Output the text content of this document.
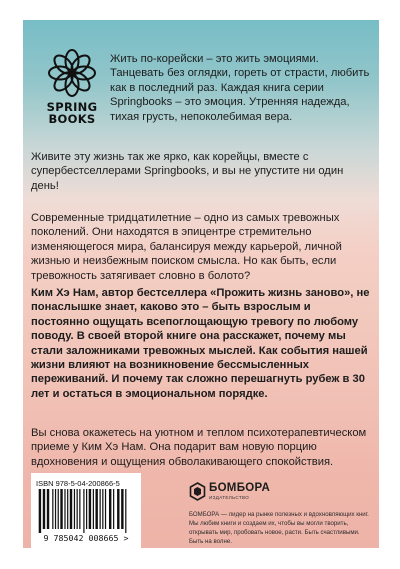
SPRING
BOOKS

Жить по-корейски – это жить эмоциями. Танцевать без оглядки, гореть от страсти, любить как в последний раз. Каждая книга серии Springbooks – это эмоция. Утренняя надежда, тихая грусть, непоколебимая вера.

Живите эту жизнь так же ярко, как корейцы, вместе с супербестселлерами Springbooks, и вы не упустите ни один день!

Современные тридцатилетние – одно из самых тревожных поколений. Они находятся в эпицентре стремительно изменяющегося мира, балансируя между карьерой, личной жизнью и неизбежным поиском смысла. Но как быть, если тревожность затягивает словно в болото?

Ким Хэ Нам, автор бестселлера «Прожить жизнь заново», не понаслышке знает, каково это – быть взрослым и постоянно ощущать всепоглощающую тревогу по любому поводу. В своей второй книге она расскажет, почему мы стали заложниками тревожных мыслей. Как события нашей жизни влияют на возникновение бессмысленных переживаний. И почему так сложно перешагнуть рубеж в 30 лет и остаться в эмоциональном порядке.

Вы снова окажетесь на уютном и теплом психотерапевтическом приеме у Ким Хэ Нам. Она подарит вам новую порцию вдохновения и ощущения обволакивающего спокойствия.

ISBN 978-5-04-200866-5
9 785042 008665 >
БОМБОРА
ИЗДАТЕЛЬСТВО

БОМБОРА — лидер на рынке полезных и вдохновляющих книг. Мы любим книги и создаем их, чтобы вы могли творить, открывать мир, пробовать новое, расти. Быть счастливыми. Быть на волне.
